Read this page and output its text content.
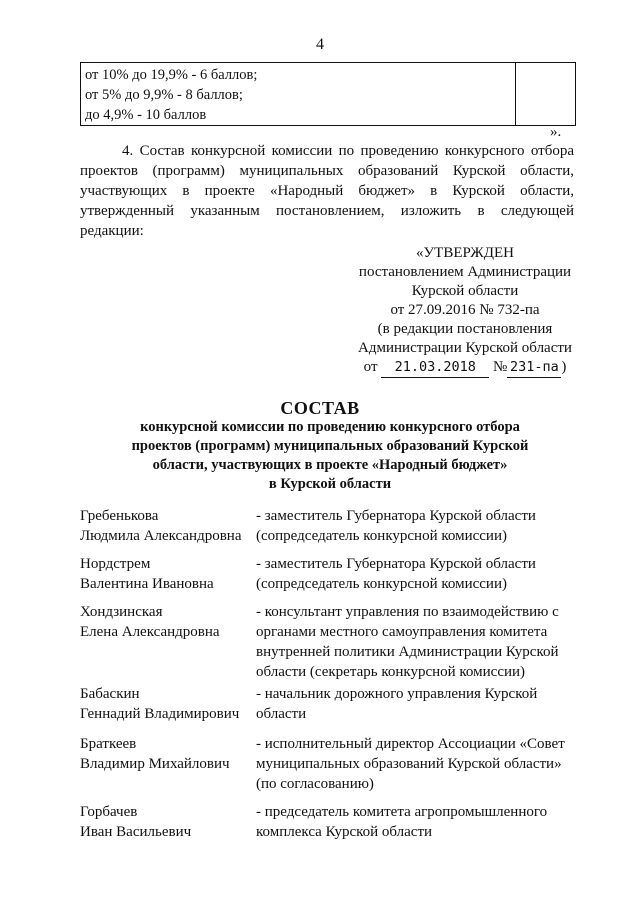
4
от 10% до 19,9% - 6 баллов;
от 5% до 9,9% - 8 баллов;
до 4,9% - 10 баллов
».

4. Состав конкурсной комиссии по проведению конкурсного отбора проектов (программ) муниципальных образований Курской области, участвующих в проекте «Народный бюджет» в Курской области, утвержденный указанным постановлением, изложить в следующей редакции:

«УТВЕРЖДЕН
постановлением Администрации
Курской области
от 27.09.2016 № 732-па
(в редакции постановления
Администрации Курской области
от 21.03.2018 № 231-па )
СОСТАВ
конкурсной комиссии по проведению конкурсного отбора
проектов (программ) муниципальных образований Курской
области, участвующих в проекте «Народный бюджет»
в Курской области
Гребенькова
Людмила Александровна
- заместитель Губернатора Курской области
(сопредседатель конкурсной комиссии)
Нордстрем
Валентина Ивановна
- заместитель Губернатора Курской области
(сопредседатель конкурсной комиссии)
Хондзинская
Елена Александровна
- консультант управления по взаимодействию с
органами местного самоуправления комитета
внутренней политики Администрации Курской
области (секретарь конкурсной комиссии)
Бабаскин
Геннадий Владимирович
- начальник дорожного управления Курской
области
Браткеев
Владимир Михайлович
- исполнительный директор Ассоциации «Совет
муниципальных образований Курской области»
(по согласованию)
Горбачев
Иван Васильевич
- председатель комитета агропромышленного
комплекса Курской области
